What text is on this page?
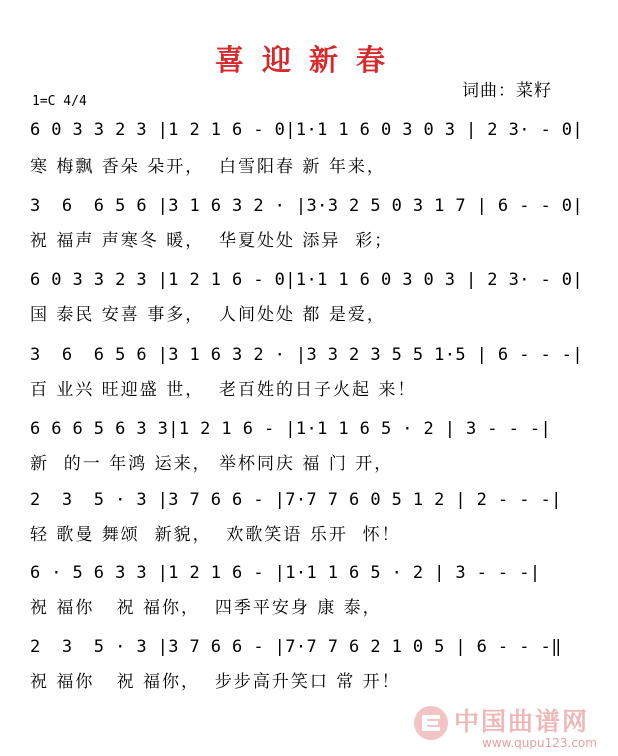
喜迎新春
词曲：菜籽
1=C 4/4
6 0 3 3 2 3 |1 2 1 6 - 0|1·1 1 6 0 3 0 3 | 2 3· - 0|
寒 梅飘 香朵 朵开，  白雪阳春 新 年来，
3  6  6 5 6 |3 1 6 3 2 · |3·3 2 5 0 3 1 7 | 6 - - 0|
祝 福声 声寒冬 暖，  华夏处处 添异  彩；
6 0 3 3 2 3 |1 2 1 6 - 0|1·1 1 6 0 3 0 3 | 2 3· - 0|
国 泰民 安喜 事多，  人间处处 都 是爱，
3  6  6 5 6 |3 1 6 3 2 · |3 3 2 3 5 5 1·5 | 6 - - -|
百 业兴 旺迎盛 世，  老百姓的日子火起 来！
6 6 6 5 6 3 3|1 2 1 6 - |1·1 1 6 5 · 2 | 3 - - -|
新  的一 年鸿 运来， 举杯同庆 福 门 开，
2  3  5 · 3 |3 7 6 6 - |7·7 7 6 0 5 1 2 | 2 - - -|
轻 歌曼 舞颂  新貌，  欢歌笑语 乐开  怀！
6 · 5 6 3 3 |1 2 1 6 - |1·1 1 6 5 · 2 | 3 - - -|
祝 福你   祝 福你，  四季平安身 康 泰，
2  3  5 · 3 |3 7 6 6 - |7·7 7 6 2 1 0 5 | 6 - - -‖
祝 福你   祝 福你，  步步高升笑口 常 开！
中国曲谱网
www.qupu123.com
